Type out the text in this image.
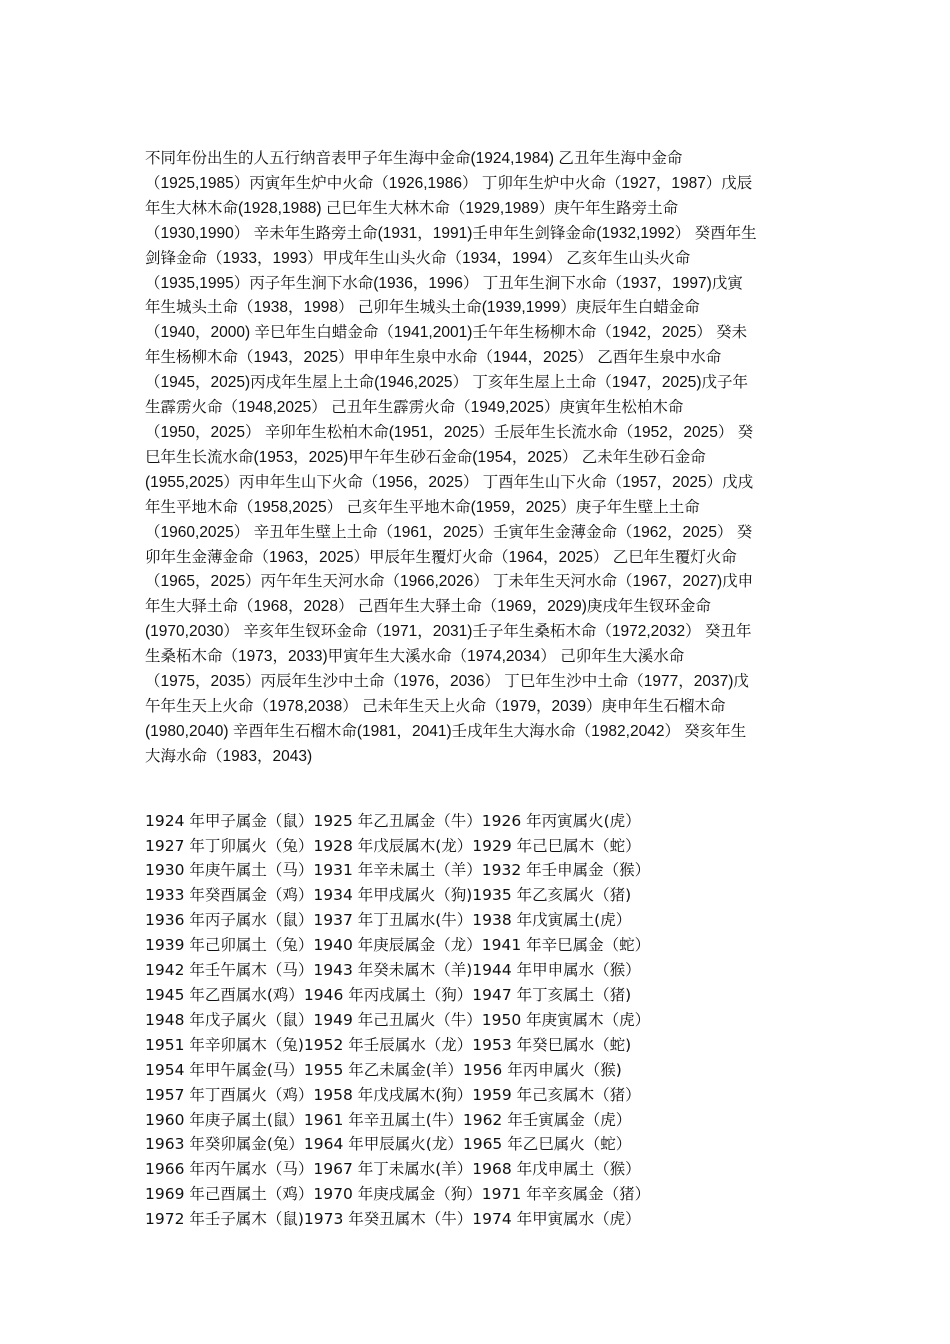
不同年份出生的人五行纳音表甲子年生海中金命(1924,1984) 乙丑年生海中金命
（1925,1985）丙寅年生炉中火命（1926,1986） 丁卯年生炉中火命（1927，1987）戊辰
年生大林木命(1928,1988) 己巳年生大林木命（1929,1989）庚午年生路旁土命
（1930,1990） 辛未年生路旁土命(1931，1991)壬申年生剑锋金命(1932,1992） 癸酉年生
剑锋金命（1933，1993）甲戌年生山头火命（1934，1994） 乙亥年生山头火命
（1935,1995）丙子年生涧下水命(1936，1996） 丁丑年生涧下水命（1937，1997)戊寅
年生城头土命（1938，1998） 己卯年生城头土命(1939,1999）庚辰年生白蜡金命
（1940，2000) 辛巳年生白蜡金命（1941,2001)壬午年生杨柳木命（1942，2025） 癸未
年生杨柳木命（1943，2025）甲申年生泉中水命（1944，2025） 乙酉年生泉中水命
（1945，2025)丙戌年生屋上土命(1946,2025） 丁亥年生屋上土命（1947，2025)戊子年
生霹雳火命（1948,2025） 己丑年生霹雳火命（1949,2025）庚寅年生松柏木命
（1950，2025） 辛卯年生松柏木命(1951，2025）壬辰年生长流水命（1952，2025） 癸
巳年生长流水命(1953，2025)甲午年生砂石金命(1954，2025） 乙未年生砂石金命
(1955,2025）丙申年生山下火命（1956，2025） 丁酉年生山下火命（1957，2025）戊戌
年生平地木命（1958,2025） 己亥年生平地木命(1959，2025）庚子年生壁上土命
（1960,2025） 辛丑年生壁上土命（1961，2025）壬寅年生金薄金命（1962，2025） 癸
卯年生金薄金命（1963，2025）甲辰年生覆灯火命（1964，2025） 乙巳年生覆灯火命
（1965，2025）丙午年生天河水命（1966,2026） 丁未年生天河水命（1967，2027)戊申
年生大驿土命（1968，2028） 己酉年生大驿土命（1969，2029)庚戌年生钗环金命
(1970,2030） 辛亥年生钗环金命（1971，2031)壬子年生桑柘木命（1972,2032） 癸丑年
生桑柘木命（1973，2033)甲寅年生大溪水命（1974,2034） 己卯年生大溪水命
（1975，2035）丙辰年生沙中土命（1976，2036） 丁巳年生沙中土命（1977，2037)戊
午年生天上火命（1978,2038） 己未年生天上火命（1979，2039）庚申年生石榴木命
(1980,2040) 辛酉年生石榴木命(1981，2041)壬戌年生大海水命（1982,2042） 癸亥年生
大海水命（1983，2043)
1924 年甲子属金（鼠）1925 年乙丑属金（牛）1926 年丙寅属火(虎）
1927 年丁卯属火（兔）1928 年戊辰属木(龙）1929 年己巳属木（蛇）
1930 年庚午属土（马）1931 年辛未属土（羊）1932 年壬申属金（猴）
1933 年癸酉属金（鸡）1934 年甲戌属火（狗)1935 年乙亥属火（猪)
1936 年丙子属水（鼠）1937 年丁丑属水(牛）1938 年戊寅属土(虎）
1939 年己卯属土（兔）1940 年庚辰属金（龙）1941 年辛巳属金（蛇）
1942 年壬午属木（马）1943 年癸未属木（羊)1944 年甲申属水（猴）
1945 年乙酉属水(鸡）1946 年丙戌属土（狗）1947 年丁亥属土（猪)
1948 年戊子属火（鼠）1949 年己丑属火（牛）1950 年庚寅属木（虎）
1951 年辛卯属木（兔)1952 年壬辰属水（龙）1953 年癸巳属水（蛇)
1954 年甲午属金(马）1955 年乙未属金(羊）1956 年丙申属火（猴)
1957 年丁酉属火（鸡）1958 年戊戌属木(狗）1959 年己亥属木（猪）
1960 年庚子属土(鼠）1961 年辛丑属土(牛）1962 年壬寅属金（虎）
1963 年癸卯属金(兔）1964 年甲辰属火(龙）1965 年乙巳属火（蛇）
1966 年丙午属水（马）1967 年丁未属水(羊）1968 年戊申属土（猴）
1969 年己酉属土（鸡）1970 年庚戌属金（狗）1971 年辛亥属金（猪）
1972 年壬子属木（鼠)1973 年癸丑属木（牛）1974 年甲寅属水（虎）
